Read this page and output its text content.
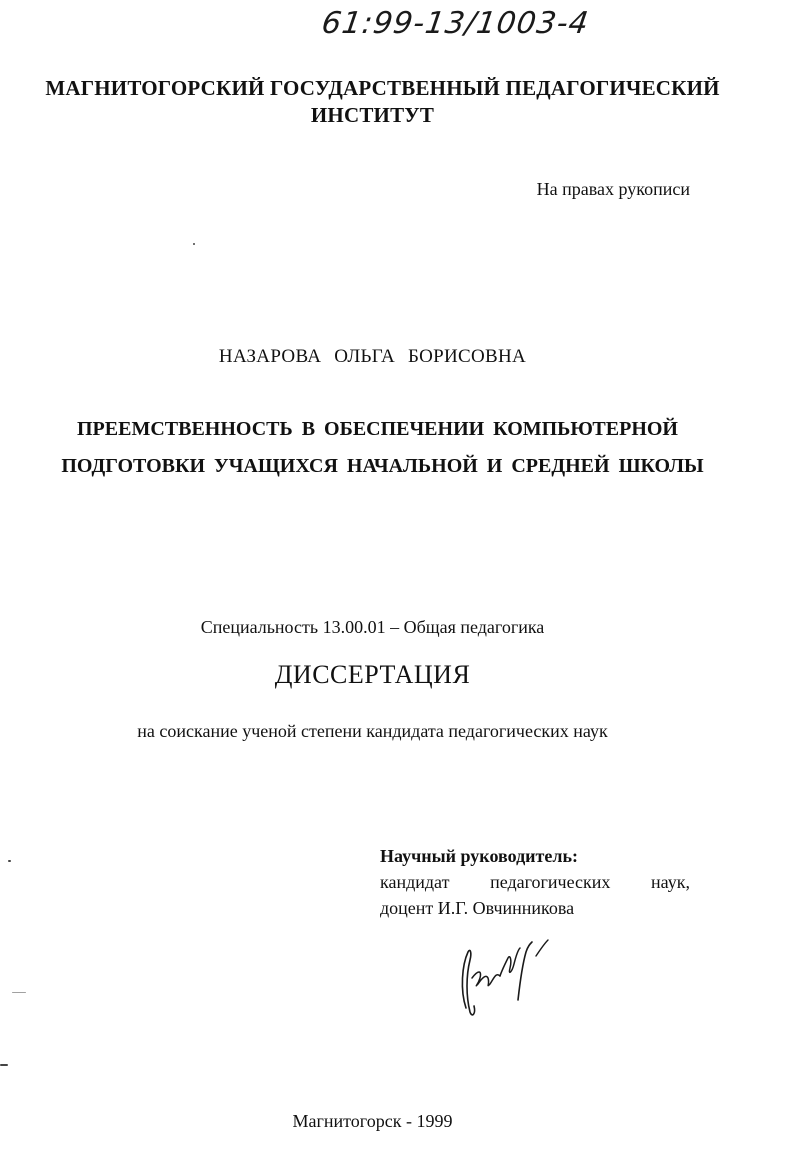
61:99-13/1003-4
МАГНИТОГОРСКИЙ ГОСУДАРСТВЕННЫЙ ПЕДАГОГИЧЕСКИЙ
ИНСТИТУТ
На правах рукописи
НАЗАРОВА ОЛЬГА БОРИСОВНА
ПРЕЕМСТВЕННОСТЬ В ОБЕСПЕЧЕНИИ КОМПЬЮТЕРНОЙ
ПОДГОТОВКИ УЧАЩИХСЯ НАЧАЛЬНОЙ И СРЕДНЕЙ ШКОЛЫ
Специальность 13.00.01 – Общая педагогика
ДИССЕРТАЦИЯ
на соискание ученой степени кандидата педагогических наук
Научный руководитель:
кандидат педагогических наук,
доцент И.Г. Овчинникова
Магнитогорск - 1999
